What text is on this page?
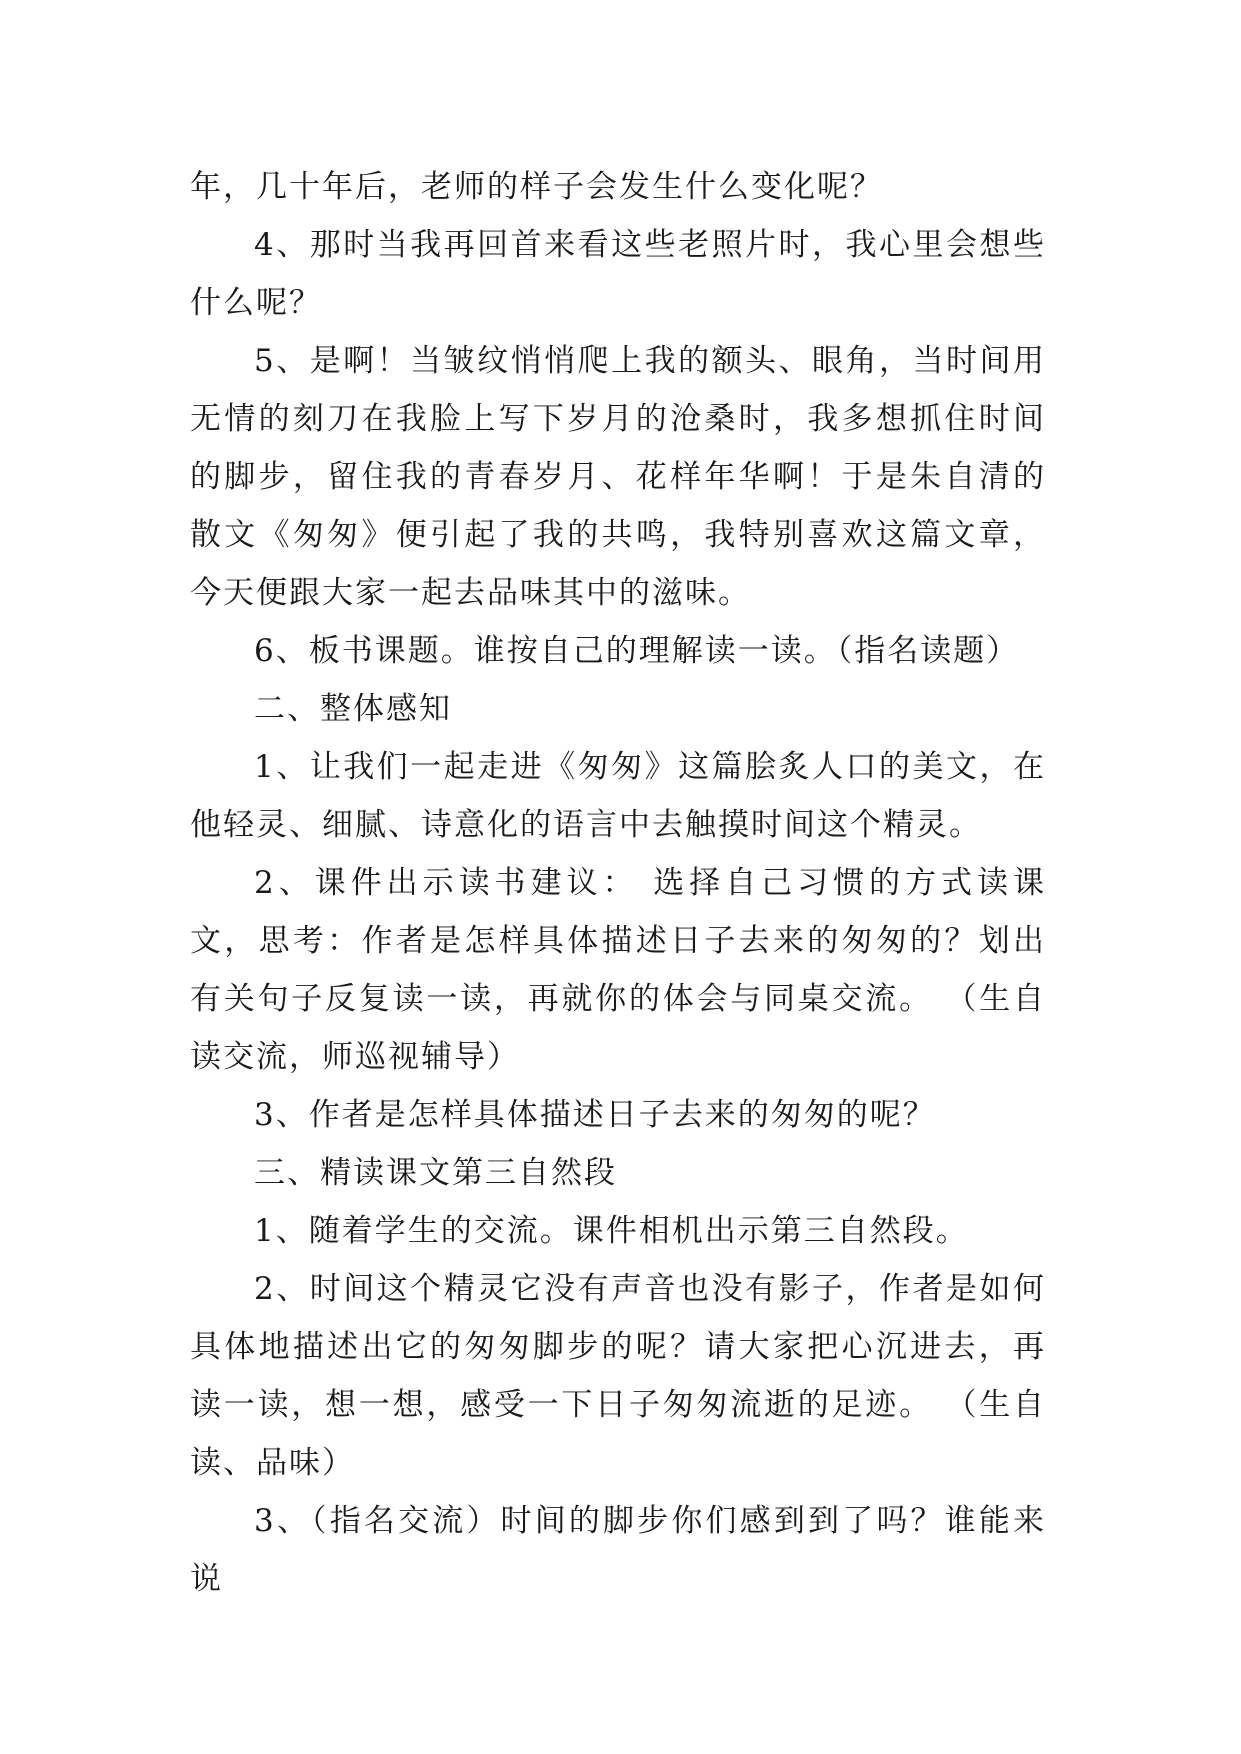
年，几十年后，老师的样子会发生什么变化呢？

4、那时当我再回首来看这些老照片时，我心里会想些什么呢？

5、是啊！当皱纹悄悄爬上我的额头、眼角，当时间用无情的刻刀在我脸上写下岁月的沧桑时，我多想抓住时间的脚步，留住我的青春岁月、花样年华啊！于是朱自清的散文《匆匆》便引起了我的共鸣，我特别喜欢这篇文章，今天便跟大家一起去品味其中的滋味。

6、板书课题。谁按自己的理解读一读。（指名读题）

二、整体感知

1、让我们一起走进《匆匆》这篇脍炙人口的美文，在他轻灵、细腻、诗意化的语言中去触摸时间这个精灵。

2、课件出示读书建议： 选择自己习惯的方式读课文，思考：作者是怎样具体描述日子去来的匆匆的？划出有关句子反复读一读，再就你的体会与同桌交流。 （生自读交流，师巡视辅导）

3、作者是怎样具体描述日子去来的匆匆的呢？

三、精读课文第三自然段

1、随着学生的交流。课件相机出示第三自然段。

2、时间这个精灵它没有声音也没有影子，作者是如何具体地描述出它的匆匆脚步的呢？请大家把心沉进去，再读一读，想一想，感受一下日子匆匆流逝的足迹。 （生自读、品味）

3、（指名交流）时间的脚步你们感到到了吗？谁能来说
